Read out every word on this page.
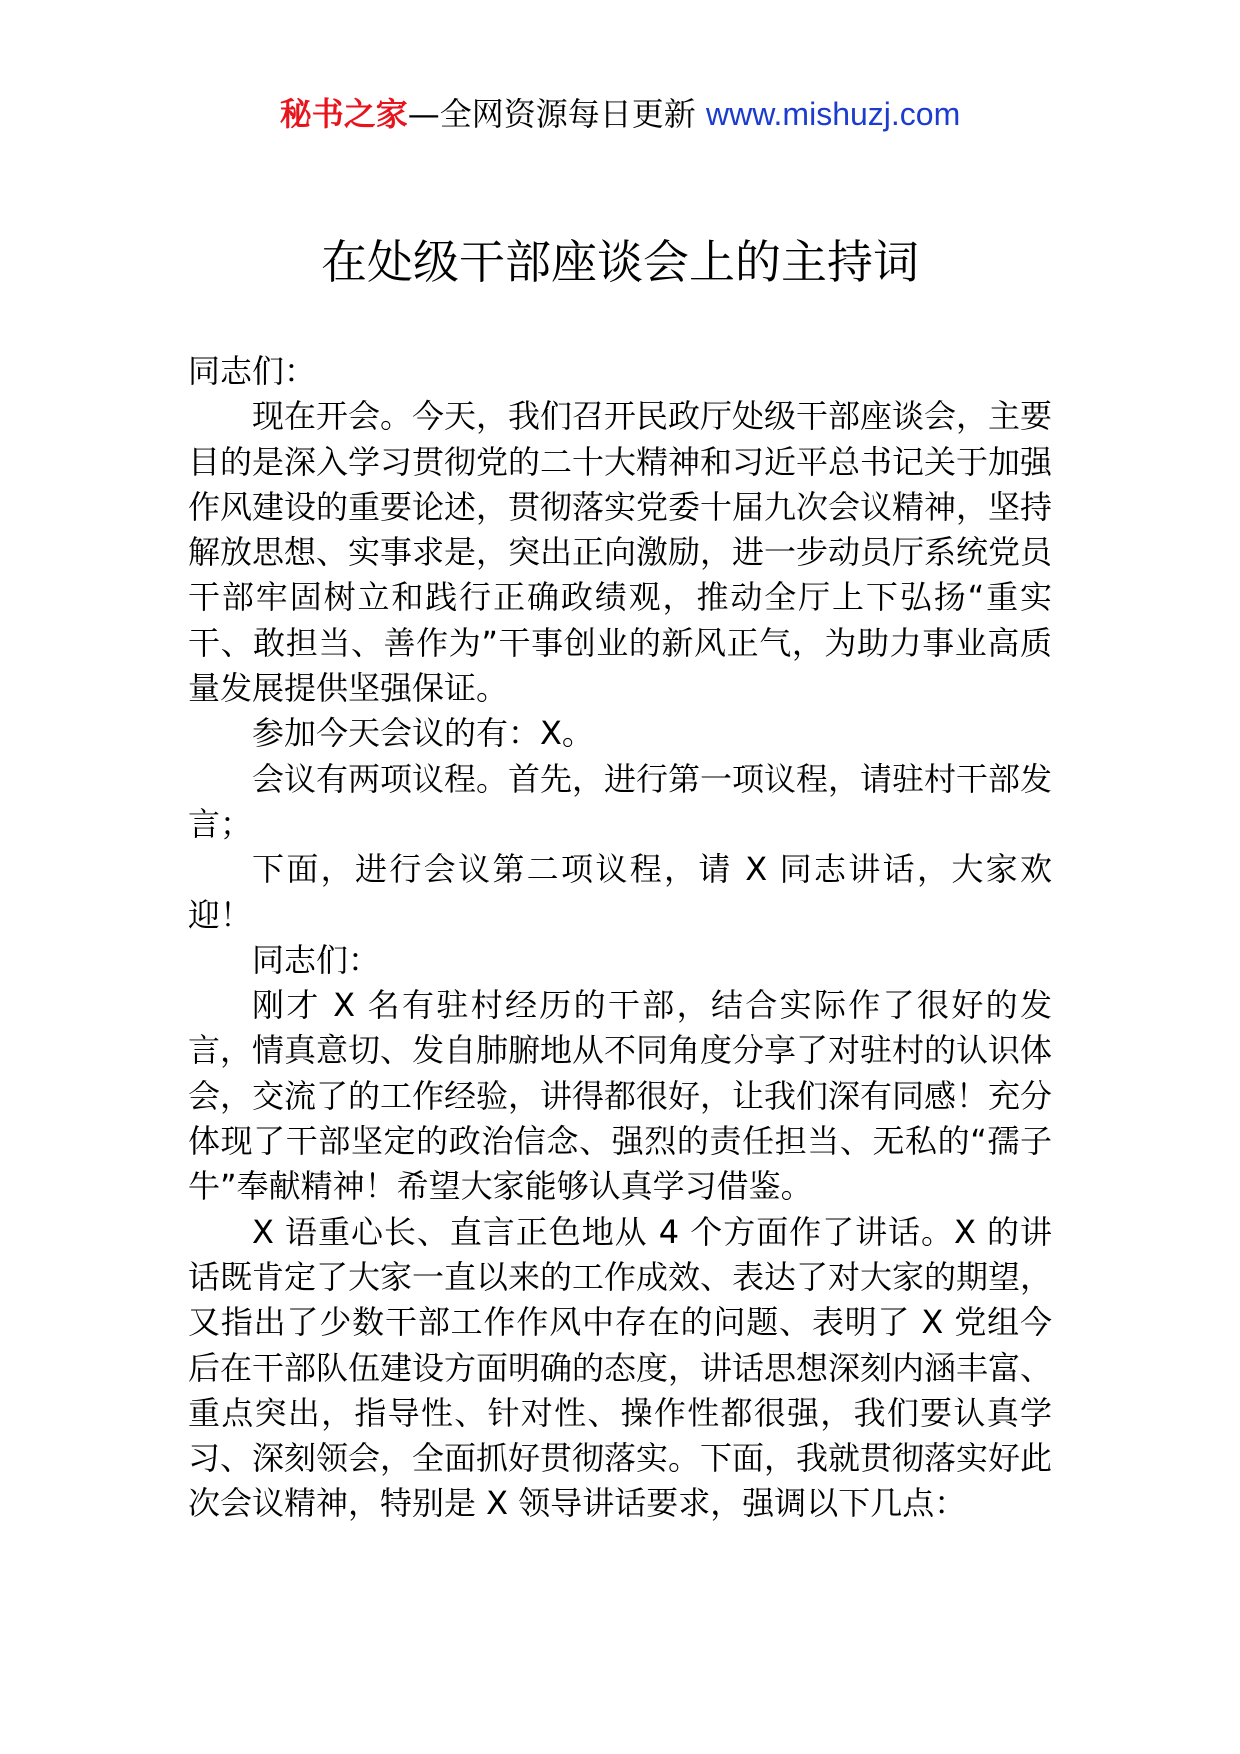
秘书之家—全网资源每日更新 www.mishuzj.com
在处级干部座谈会上的主持词

同志们：

现在开会。今天，我们召开民政厅处级干部座谈会，主要目的是深入学习贯彻党的二十大精神和习近平总书记关于加强作风建设的重要论述，贯彻落实党委十届九次会议精神，坚持解放思想、实事求是，突出正向激励，进一步动员厅系统党员干部牢固树立和践行正确政绩观，推动全厅上下弘扬“重实干、敢担当、善作为”干事创业的新风正气，为助力事业高质量发展提供坚强保证。

参加今天会议的有：X。

会议有两项议程。首先，进行第一项议程，请驻村干部发言；

下面，进行会议第二项议程，请 X 同志讲话，大家欢迎！

同志们：

刚才 X 名有驻村经历的干部，结合实际作了很好的发言，情真意切、发自肺腑地从不同角度分享了对驻村的认识体会，交流了的工作经验，讲得都很好，让我们深有同感！充分体现了干部坚定的政治信念、强烈的责任担当、无私的“孺子牛”奉献精神！希望大家能够认真学习借鉴。

X 语重心长、直言正色地从 4 个方面作了讲话。X 的讲话既肯定了大家一直以来的工作成效、表达了对大家的期望，又指出了少数干部工作作风中存在的问题、表明了 X 党组今后在干部队伍建设方面明确的态度，讲话思想深刻内涵丰富、重点突出，指导性、针对性、操作性都很强，我们要认真学习、深刻领会，全面抓好贯彻落实。下面，我就贯彻落实好此次会议精神，特别是 X 领导讲话要求，强调以下几点：
